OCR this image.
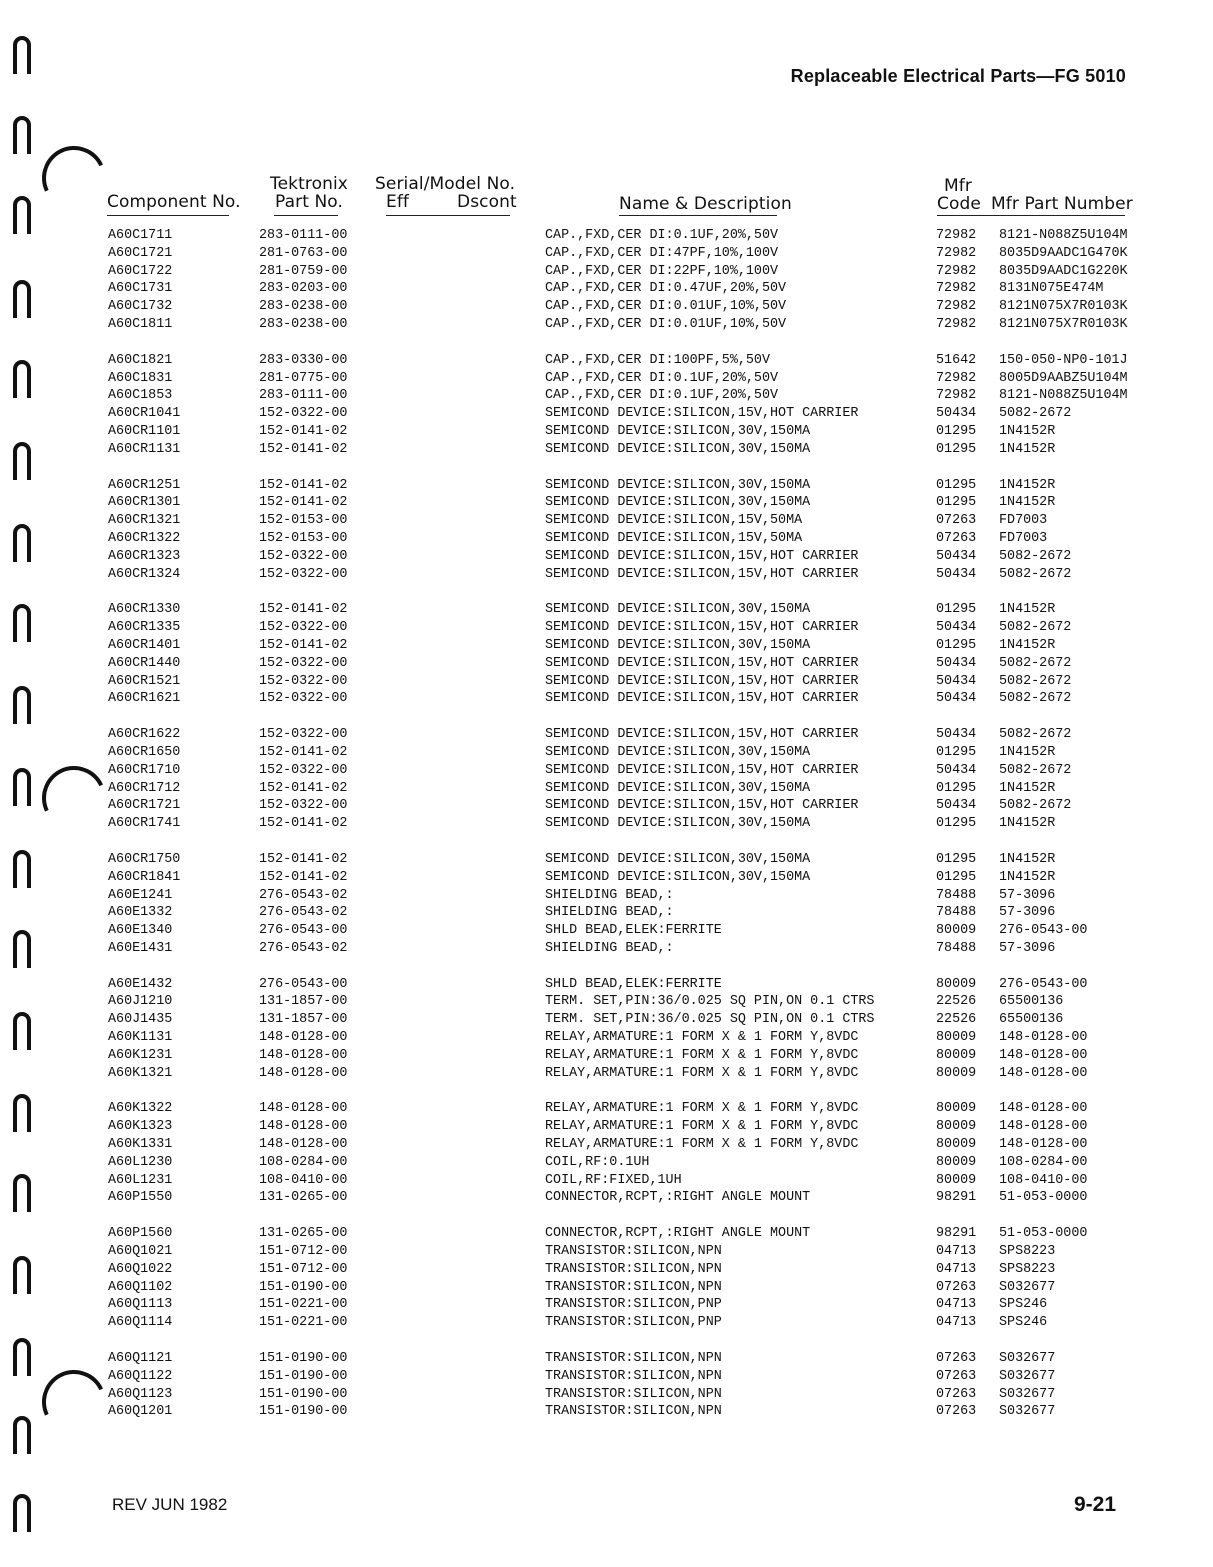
Replaceable Electrical Parts—FG 5010
Component No.
Tektronix
Part No.
Serial/Model No.
Eff	Dscont	Name & Description
Mfr
Code Mfr Part Number
A60C1711	283-0111-00	CAP.,FXD,CER DI:0.1UF,20%,50V	72982 8121-N088Z5U104M
A60C1721	281-0763-00	CAP.,FXD,CER DI:47PF,10%,100V	72982 8035D9AADC1G470K
A60C1722	281-0759-00	CAP.,FXD,CER DI:22PF,10%,100V	72982 8035D9AADC1G220K
A60C1731	283-0203-00	CAP.,FXD,CER DI:0.47UF,20%,50V	72982 8131N075E474M
A60C1732	283-0238-00	CAP.,FXD,CER DI:0.01UF,10%,50V	72982 8121N075X7R0103K
A60C1811	283-0238-00	CAP.,FXD,CER DI:0.01UF,10%,50V	72982 8121N075X7R0103K
A60C1821	283-0330-00	CAP.,FXD,CER DI:100PF,5%,50V	51642 150-050-NP0-101J
A60C1831	281-0775-00	CAP.,FXD,CER DI:0.1UF,20%,50V	72982 8005D9AABZ5U104M
A60C1853	283-0111-00	CAP.,FXD,CER DI:0.1UF,20%,50V	72982 8121-N088Z5U104M
A60CR1041	152-0322-00	SEMICOND DEVICE:SILICON,15V,HOT CARRIER	50434 5082-2672
A60CR1101	152-0141-02	SEMICOND DEVICE:SILICON,30V,150MA	01295 1N4152R
A60CR1131	152-0141-02	SEMICOND DEVICE:SILICON,30V,150MA	01295 1N4152R
A60CR1251	152-0141-02	SEMICOND DEVICE:SILICON,30V,150MA	01295 1N4152R
A60CR1301	152-0141-02	SEMICOND DEVICE:SILICON,30V,150MA	01295 1N4152R
A60CR1321	152-0153-00	SEMICOND DEVICE:SILICON,15V,50MA	07263 FD7003
A60CR1322	152-0153-00	SEMICOND DEVICE:SILICON,15V,50MA	07263 FD7003
A60CR1323	152-0322-00	SEMICOND DEVICE:SILICON,15V,HOT CARRIER	50434 5082-2672
A60CR1324	152-0322-00	SEMICOND DEVICE:SILICON,15V,HOT CARRIER	50434 5082-2672
A60CR1330	152-0141-02	SEMICOND DEVICE:SILICON,30V,150MA	01295 1N4152R
A60CR1335	152-0322-00	SEMICOND DEVICE:SILICON,15V,HOT CARRIER	50434 5082-2672
A60CR1401	152-0141-02	SEMICOND DEVICE:SILICON,30V,150MA	01295 1N4152R
A60CR1440	152-0322-00	SEMICOND DEVICE:SILICON,15V,HOT CARRIER	50434 5082-2672
A60CR1521	152-0322-00	SEMICOND DEVICE:SILICON,15V,HOT CARRIER	50434 5082-2672
A60CR1621	152-0322-00	SEMICOND DEVICE:SILICON,15V,HOT CARRIER	50434 5082-2672
A60CR1622	152-0322-00	SEMICOND DEVICE:SILICON,15V,HOT CARRIER	50434 5082-2672
A60CR1650	152-0141-02	SEMICOND DEVICE:SILICON,30V,150MA	01295 1N4152R
A60CR1710	152-0322-00	SEMICOND DEVICE:SILICON,15V,HOT CARRIER	50434 5082-2672
A60CR1712	152-0141-02	SEMICOND DEVICE:SILICON,30V,150MA	01295 1N4152R
A60CR1721	152-0322-00	SEMICOND DEVICE:SILICON,15V,HOT CARRIER	50434 5082-2672
A60CR1741	152-0141-02	SEMICOND DEVICE:SILICON,30V,150MA	01295 1N4152R
A60CR1750	152-0141-02	SEMICOND DEVICE:SILICON,30V,150MA	01295 1N4152R
A60CR1841	152-0141-02	SEMICOND DEVICE:SILICON,30V,150MA	01295 1N4152R
A60E1241	276-0543-02	SHIELDING BEAD,:	78488 57-3096
A60E1332	276-0543-02	SHIELDING BEAD,:	78488 57-3096
A60E1340	276-0543-00	SHLD BEAD,ELEK:FERRITE	80009 276-0543-00
A60E1431	276-0543-02	SHIELDING BEAD,:	78488 57-3096
A60E1432	276-0543-00	SHLD BEAD,ELEK:FERRITE	80009 276-0543-00
A60J1210	131-1857-00	TERM. SET,PIN:36/0.025 SQ PIN,ON 0.1 CTRS	22526 65500136
A60J1435	131-1857-00	TERM. SET,PIN:36/0.025 SQ PIN,ON 0.1 CTRS	22526 65500136
A60K1131	148-0128-00	RELAY,ARMATURE:1 FORM X & 1 FORM Y,8VDC	80009 148-0128-00
A60K1231	148-0128-00	RELAY,ARMATURE:1 FORM X & 1 FORM Y,8VDC	80009 148-0128-00
A60K1321	148-0128-00	RELAY,ARMATURE:1 FORM X & 1 FORM Y,8VDC	80009 148-0128-00
A60K1322	148-0128-00	RELAY,ARMATURE:1 FORM X & 1 FORM Y,8VDC	80009 148-0128-00
A60K1323	148-0128-00	RELAY,ARMATURE:1 FORM X & 1 FORM Y,8VDC	80009 148-0128-00
A60K1331	148-0128-00	RELAY,ARMATURE:1 FORM X & 1 FORM Y,8VDC	80009 148-0128-00
A60L1230	108-0284-00	COIL,RF:0.1UH	80009 108-0284-00
A60L1231	108-0410-00	COIL,RF:FIXED,1UH	80009 108-0410-00
A60P1550	131-0265-00	CONNECTOR,RCPT,:RIGHT ANGLE MOUNT	98291 51-053-0000
A60P1560	131-0265-00	CONNECTOR,RCPT,:RIGHT ANGLE MOUNT	98291 51-053-0000
A60Q1021	151-0712-00	TRANSISTOR:SILICON,NPN	04713 SPS8223
A60Q1022	151-0712-00	TRANSISTOR:SILICON,NPN	04713 SPS8223
A60Q1102	151-0190-00	TRANSISTOR:SILICON,NPN	07263 S032677
A60Q1113	151-0221-00	TRANSISTOR:SILICON,PNP	04713 SPS246
A60Q1114	151-0221-00	TRANSISTOR:SILICON,PNP	04713 SPS246
A60Q1121	151-0190-00	TRANSISTOR:SILICON,NPN	07263 S032677
A60Q1122	151-0190-00	TRANSISTOR:SILICON,NPN	07263 S032677
A60Q1123	151-0190-00	TRANSISTOR:SILICON,NPN	07263 S032677
A60Q1201	151-0190-00	TRANSISTOR:SILICON,NPN	07263 S032677
REV JUN 1982	9-21
